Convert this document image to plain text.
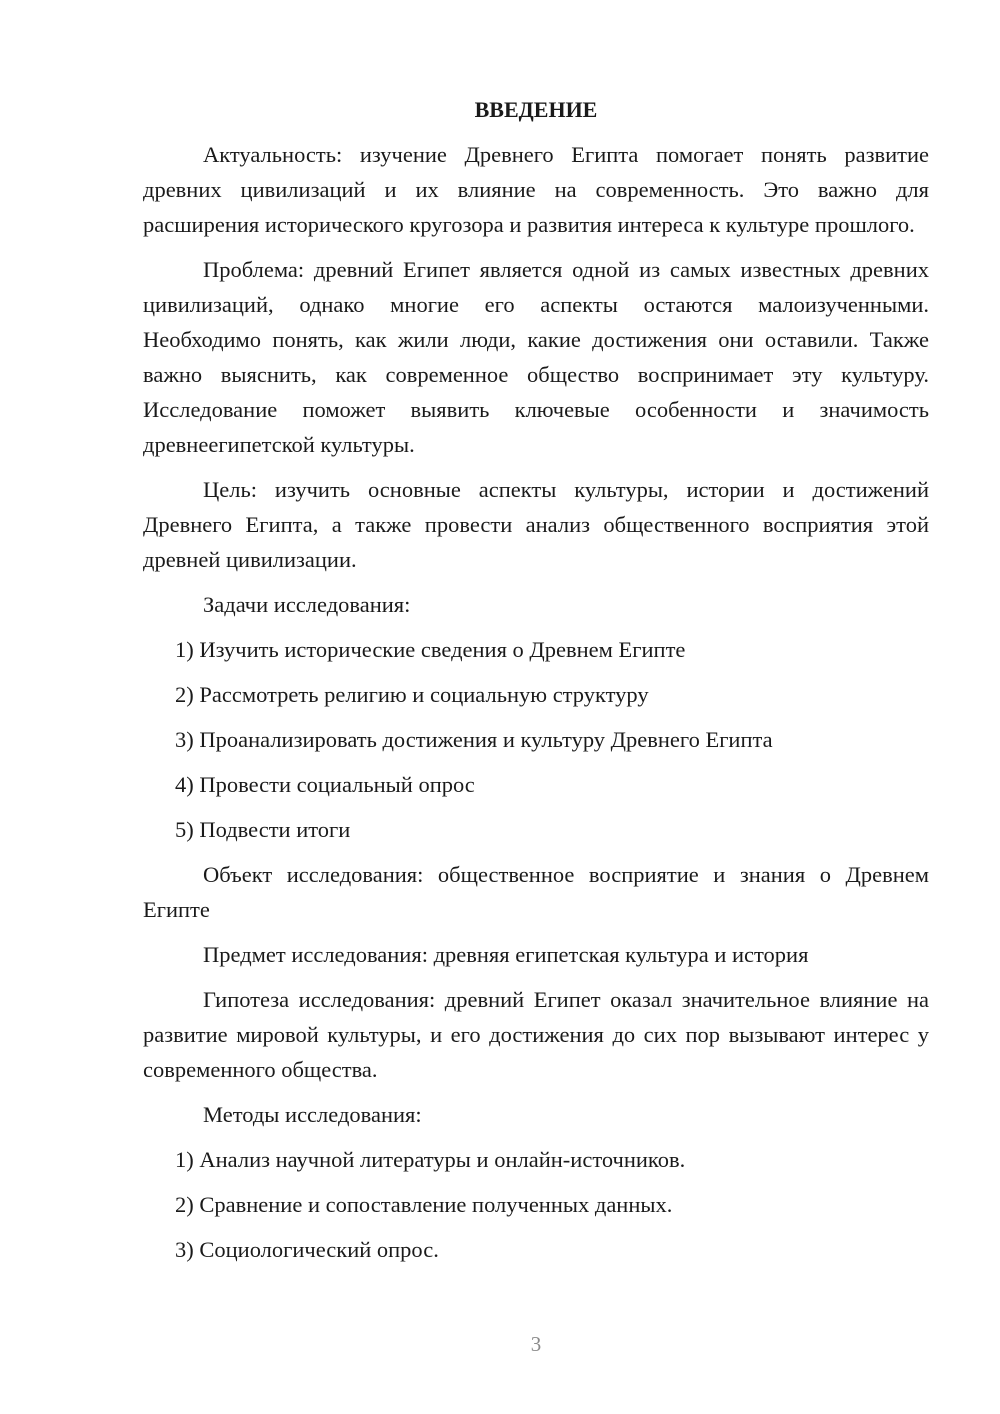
ВВЕДЕНИЕ

Актуальность: изучение Древнего Египта помогает понять развитие древних цивилизаций и их влияние на современность. Это важно для расширения исторического кругозора и развития интереса к культуре прошлого.

Проблема: древний Египет является одной из самых известных древних цивилизаций, однако многие его аспекты остаются малоизученными. Необходимо понять, как жили люди, какие достижения они оставили. Также важно выяснить, как современное общество воспринимает эту культуру. Исследование поможет выявить ключевые особенности и значимость древнеегипетской культуры.

Цель: изучить основные аспекты культуры, истории и достижений Древнего Египта, а также провести анализ общественного восприятия этой древней цивилизации.

Задачи исследования:

1) Изучить исторические сведения о Древнем Египте
2) Рассмотреть религию и социальную структуру
3) Проанализировать достижения и культуру Древнего Египта
4) Провести социальный опрос
5) Подвести итоги

Объект исследования: общественное восприятие и знания о Древнем Египте

Предмет исследования: древняя египетская культура и история

Гипотеза исследования: древний Египет оказал значительное влияние на развитие мировой культуры, и его достижения до сих пор вызывают интерес у современного общества.

Методы исследования:

1) Анализ научной литературы и онлайн-источников.
2) Сравнение и сопоставление полученных данных.
3) Социологический опрос.
3
